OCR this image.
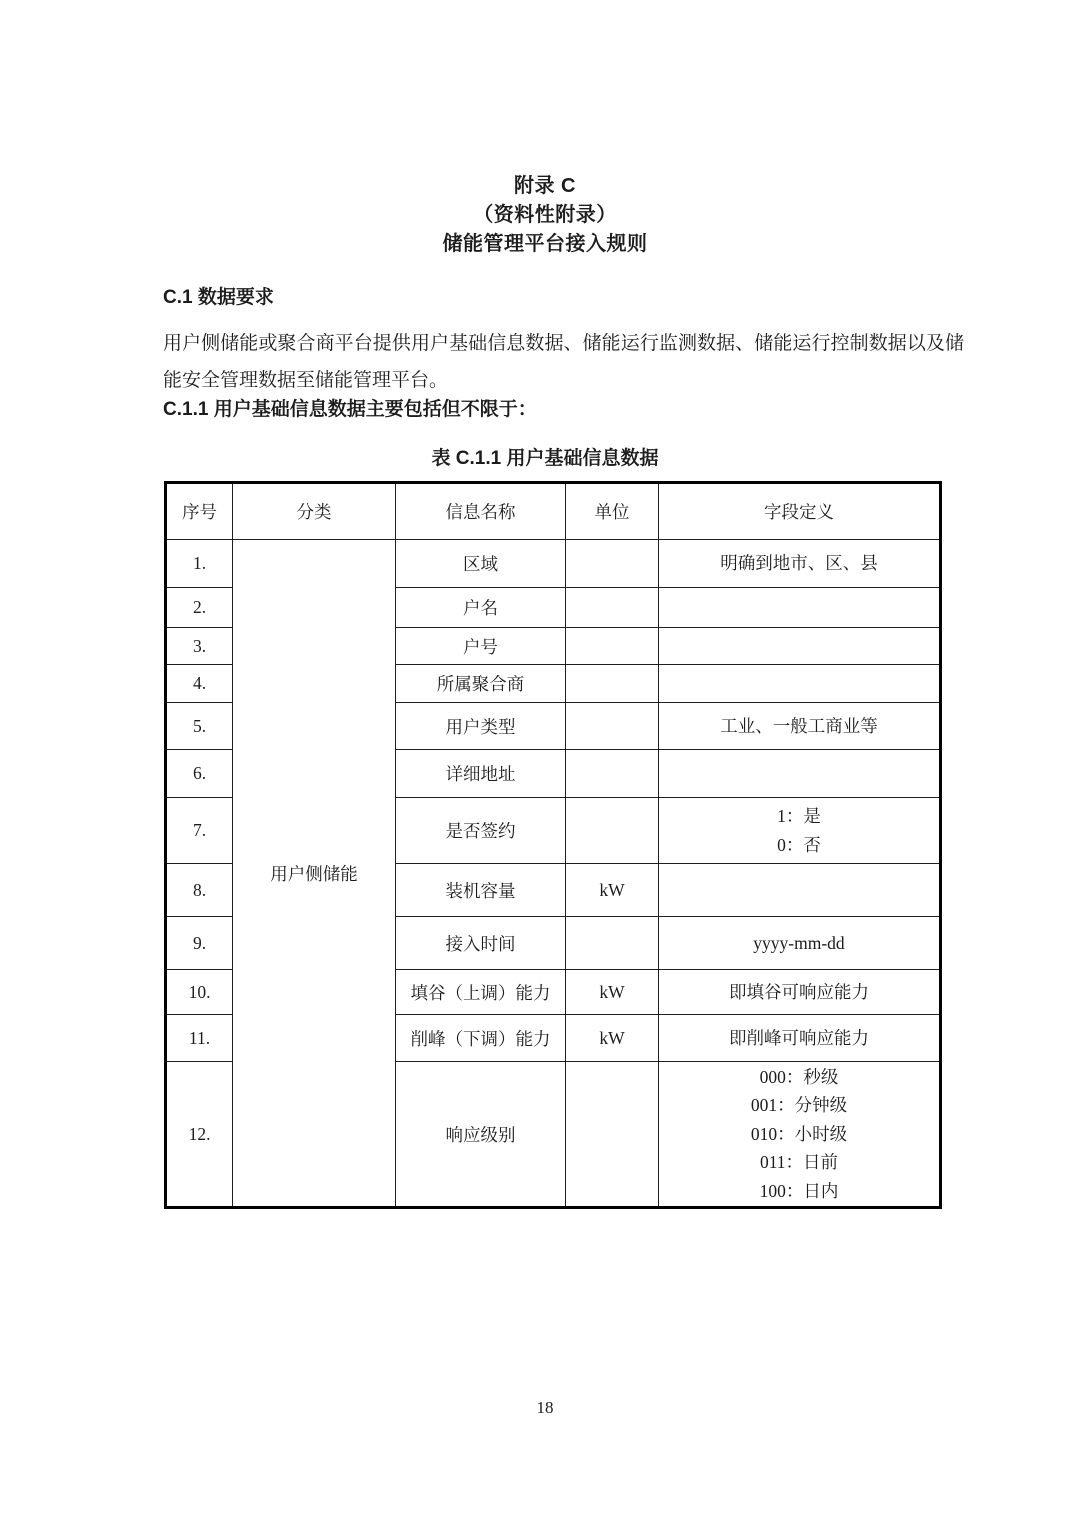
附录 C
（资料性附录）
储能管理平台接入规则
C.1 数据要求

用户侧储能或聚合商平台提供用户基础信息数据、储能运行监测数据、储能运行控制数据以及储能安全管理数据至储能管理平台。

C.1.1 用户基础信息数据主要包括但不限于：
表 C.1.1 用户基础信息数据
序号	分类	信息名称	单位	字段定义
1.	用户侧储能	区域		明确到地市、区、县

2.		户名		
3.		户号		
4.		所属聚合商		
5.		用户类型		工业、一般工商业等

6.		详细地址		
7.		是否签约		1：是
0：否

8.		装机容量	kW	
9.		接入时间		yyyy-mm-dd

10.		填谷（上调）能力	kW	即填谷可响应能力

11.		削峰（下调）能力	kW	即削峰可响应能力

12.		响应级别		000：秒级
001：分钟级
010：小时级
011：日前
100：日内
18
